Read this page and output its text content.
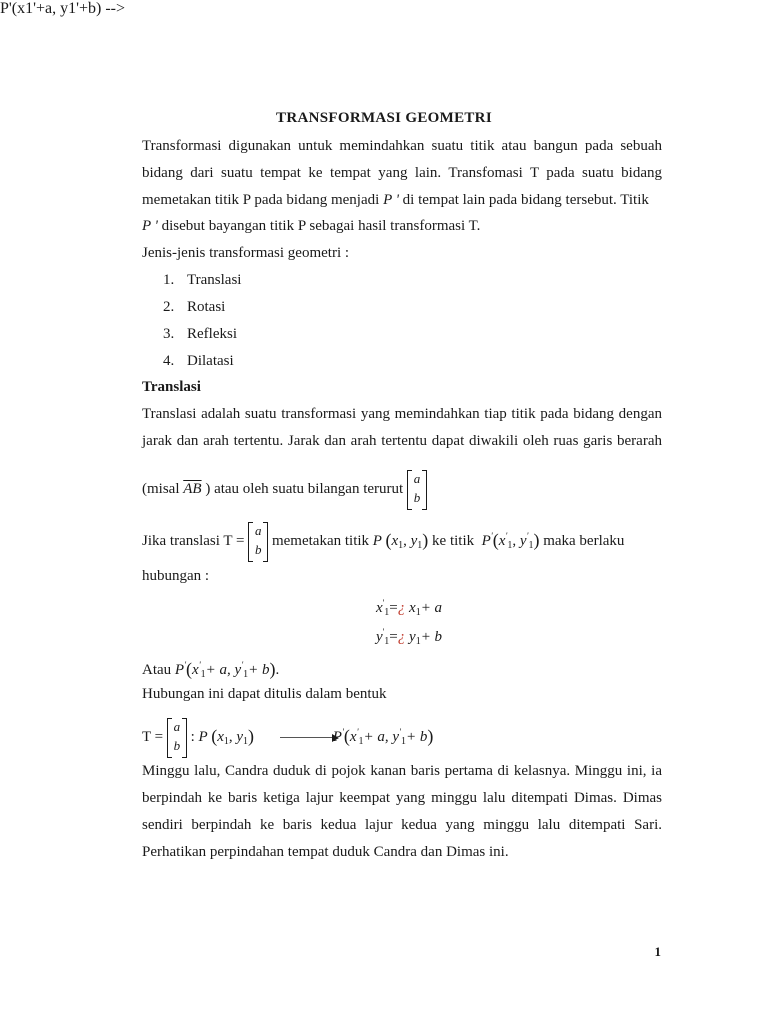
TRANSFORMASI GEOMETRI
Transformasi digunakan untuk memindahkan suatu titik atau bangun pada sebuah
bidang dari suatu tempat ke tempat yang lain. Transfomasi T pada suatu bidang
memetakan titik P pada bidang menjadi P ' di tempat lain pada bidang tersebut. Titik
P ' disebut bayangan titik P sebagai hasil transformasi T.
Jenis-jenis transformasi geometri :
1. Translasi
2. Rotasi
3. Refleksi
4. Dilatasi
Translasi
Translasi adalah suatu transformasi yang memindahkan tiap titik pada bidang dengan
jarak dan arah tertentu. Jarak dan arah tertentu dapat diwakili oleh ruas garis berarah
(misal $\overline{AB}$ ) atau oleh suatu bilangan terurut
a
b
Jika translasi T =
a
b
memetakan titik P ($x_1$, $y_1$) ke titik $P'(x'_1$, $y'_1$) maka berlaku
hubungan :
$x'_1=¿$ $x_1+ a$
$y'_1=¿$ $y_1+ b$
Atau $P'(x'_1+ a$, $y'_1+ b$).
Hubungan ini dapat ditulis dalam bentuk
P'(x1'+a, y1'+b) -->
T =
a
b
: P ($x_1$, $y_1$)	$P'(x'_1+ a$, $y'_1+ b$)
Minggu lalu, Candra duduk di pojok kanan baris pertama di kelasnya. Minggu ini, ia
berpindah ke baris ketiga lajur keempat yang minggu lalu ditempati Dimas. Dimas
sendiri berpindah ke baris kedua lajur kedua yang minggu lalu ditempati Sari.
Perhatikan perpindahan tempat duduk Candra dan Dimas ini.
1
